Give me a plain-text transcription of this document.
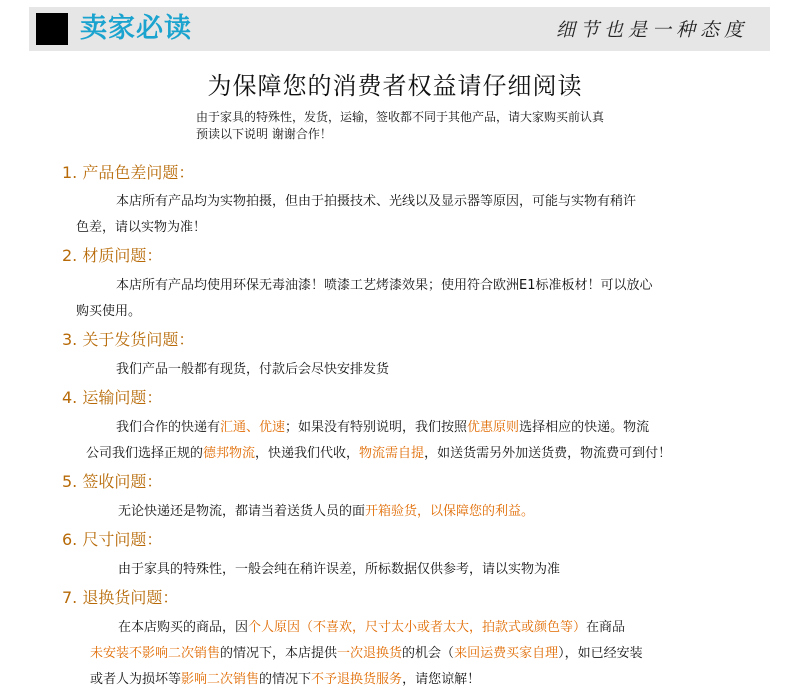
卖家必读	细节也是一种态度
为保障您的消费者权益请仔细阅读
由于家具的特殊性，发货，运输，签收都不同于其他产品，请大家购买前认真
预读以下说明 谢谢合作！
1. 产品色差问题：
本店所有产品均为实物拍摄，但由于拍摄技术、光线以及显示器等原因，可能与实物有稍许
色差，请以实物为准！
2. 材质问题：
本店所有产品均使用环保无毒油漆！喷漆工艺烤漆效果；使用符合欧洲E1标准板材！可以放心
购买使用。
3. 关于发货问题：
我们产品一般都有现货，付款后会尽快安排发货
4. 运输问题：
我们合作的快递有汇通、优速；如果没有特别说明，我们按照优惠原则选择相应的快递。物流
公司我们选择正规的德邦物流，快递我们代收，物流需自提，如送货需另外加送货费，物流费可到付！
5. 签收问题：
无论快递还是物流，都请当着送货人员的面开箱验货，以保障您的利益。
6. 尺寸问题：
由于家具的特殊性，一般会纯在稍许误差，所标数据仅供参考，请以实物为准
7. 退换货问题：
在本店购买的商品，因个人原因（不喜欢，尺寸太小或者太大，拍款式或颜色等）在商品
未安装不影响二次销售的情况下，本店提供一次退换货的机会（来回运费买家自理），如已经安装
或者人为损坏等影响二次销售的情况下不予退换货服务，请您谅解！
